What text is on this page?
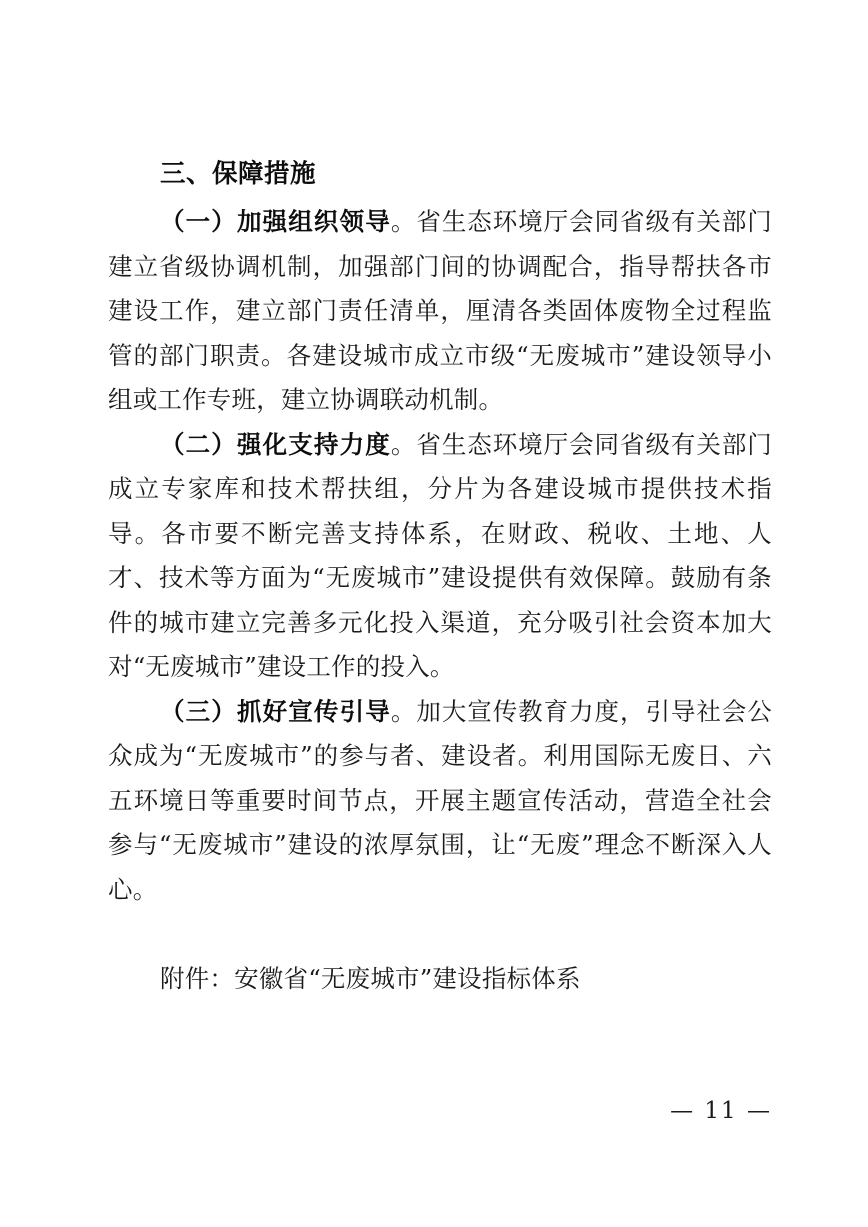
三、保障措施

（一）加强组织领导。省生态环境厅会同省级有关部门建立省级协调机制，加强部门间的协调配合，指导帮扶各市建设工作，建立部门责任清单，厘清各类固体废物全过程监管的部门职责。各建设城市成立市级“无废城市”建设领导小组或工作专班，建立协调联动机制。

（二）强化支持力度。省生态环境厅会同省级有关部门成立专家库和技术帮扶组，分片为各建设城市提供技术指导。各市要不断完善支持体系，在财政、税收、土地、人才、技术等方面为“无废城市”建设提供有效保障。鼓励有条件的城市建立完善多元化投入渠道，充分吸引社会资本加大对“无废城市”建设工作的投入。

（三）抓好宣传引导。加大宣传教育力度，引导社会公众成为“无废城市”的参与者、建设者。利用国际无废日、六五环境日等重要时间节点，开展主题宣传活动，营造全社会参与“无废城市”建设的浓厚氛围，让“无废”理念不断深入人心。

附件：安徽省“无废城市”建设指标体系

— 11 —
